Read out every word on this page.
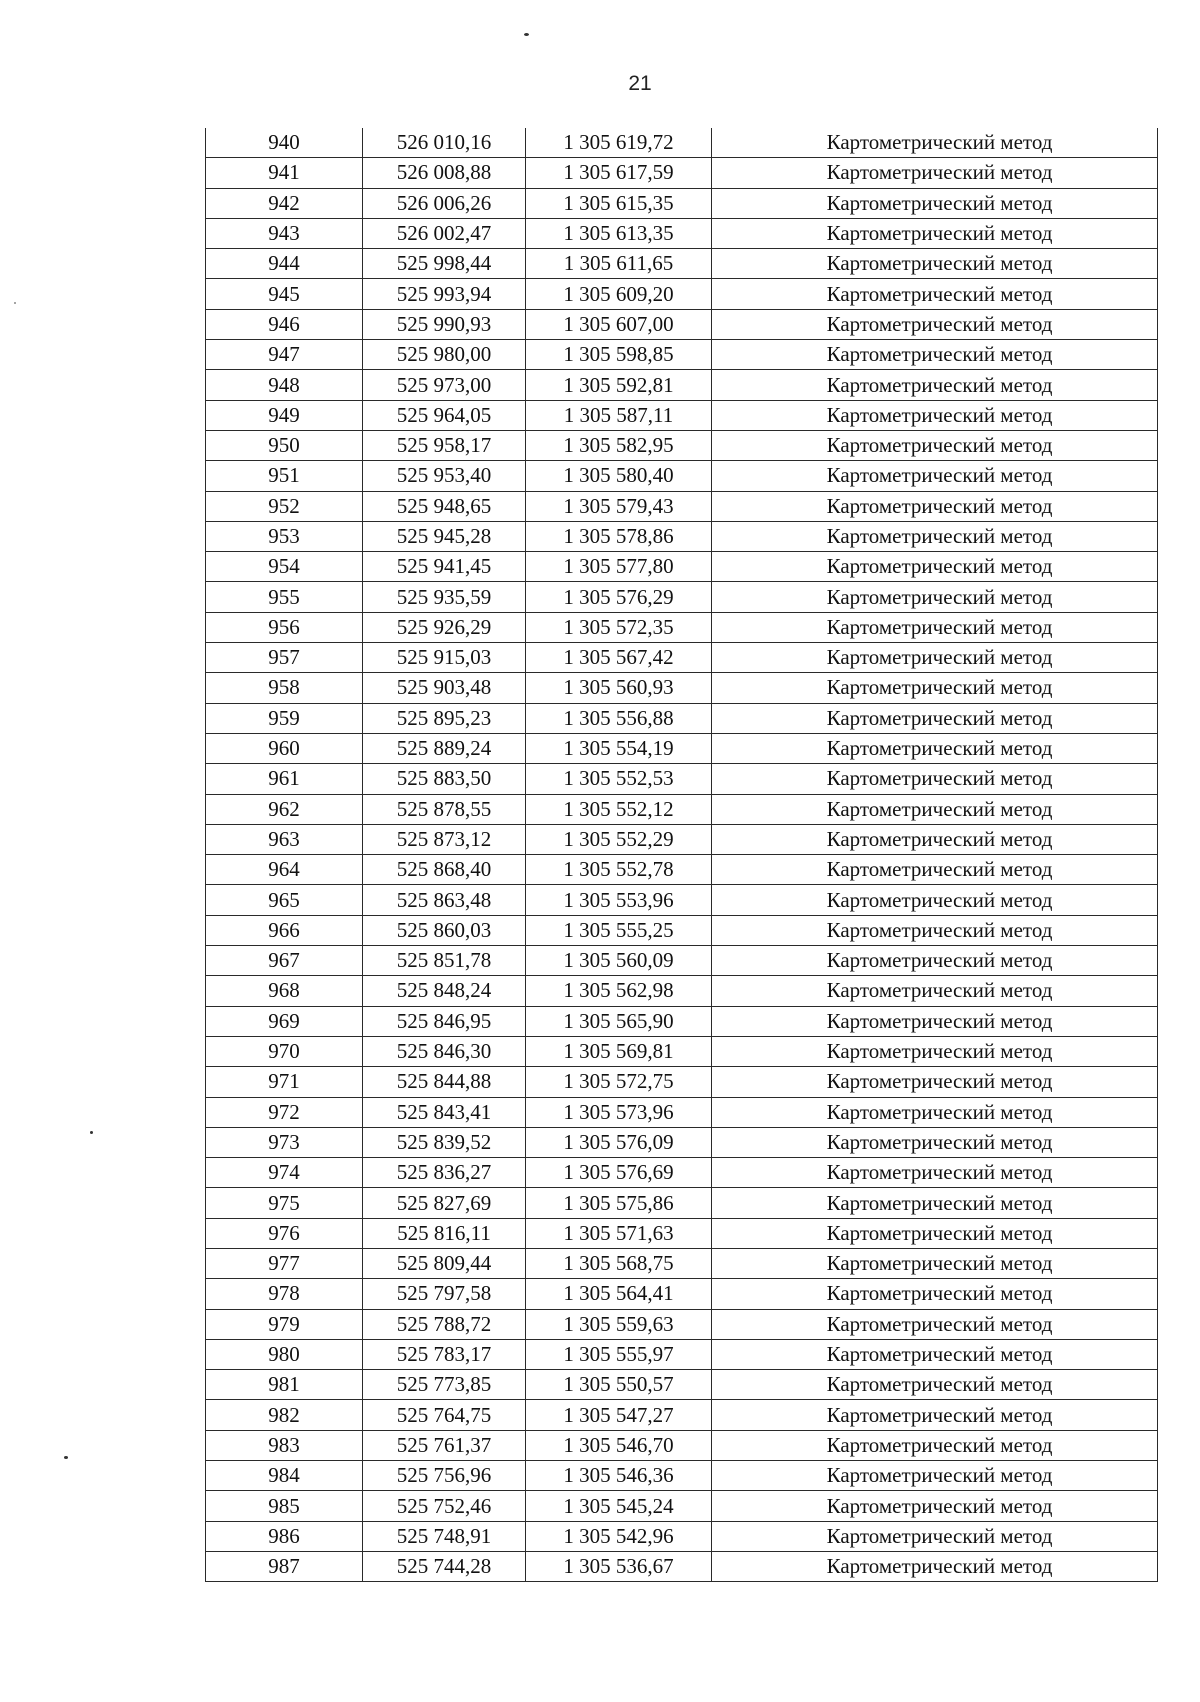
21
940	526 010,16	1 305 619,72	Картометрический метод
941	526 008,88	1 305 617,59	Картометрический метод
942	526 006,26	1 305 615,35	Картометрический метод
943	526 002,47	1 305 613,35	Картометрический метод
944	525 998,44	1 305 611,65	Картометрический метод
945	525 993,94	1 305 609,20	Картометрический метод
946	525 990,93	1 305 607,00	Картометрический метод
947	525 980,00	1 305 598,85	Картометрический метод
948	525 973,00	1 305 592,81	Картометрический метод
949	525 964,05	1 305 587,11	Картометрический метод
950	525 958,17	1 305 582,95	Картометрический метод
951	525 953,40	1 305 580,40	Картометрический метод
952	525 948,65	1 305 579,43	Картометрический метод
953	525 945,28	1 305 578,86	Картометрический метод
954	525 941,45	1 305 577,80	Картометрический метод
955	525 935,59	1 305 576,29	Картометрический метод
956	525 926,29	1 305 572,35	Картометрический метод
957	525 915,03	1 305 567,42	Картометрический метод
958	525 903,48	1 305 560,93	Картометрический метод
959	525 895,23	1 305 556,88	Картометрический метод
960	525 889,24	1 305 554,19	Картометрический метод
961	525 883,50	1 305 552,53	Картометрический метод
962	525 878,55	1 305 552,12	Картометрический метод
963	525 873,12	1 305 552,29	Картометрический метод
964	525 868,40	1 305 552,78	Картометрический метод
965	525 863,48	1 305 553,96	Картометрический метод
966	525 860,03	1 305 555,25	Картометрический метод
967	525 851,78	1 305 560,09	Картометрический метод
968	525 848,24	1 305 562,98	Картометрический метод
969	525 846,95	1 305 565,90	Картометрический метод
970	525 846,30	1 305 569,81	Картометрический метод
971	525 844,88	1 305 572,75	Картометрический метод
972	525 843,41	1 305 573,96	Картометрический метод
973	525 839,52	1 305 576,09	Картометрический метод
974	525 836,27	1 305 576,69	Картометрический метод
975	525 827,69	1 305 575,86	Картометрический метод
976	525 816,11	1 305 571,63	Картометрический метод
977	525 809,44	1 305 568,75	Картометрический метод
978	525 797,58	1 305 564,41	Картометрический метод
979	525 788,72	1 305 559,63	Картометрический метод
980	525 783,17	1 305 555,97	Картометрический метод
981	525 773,85	1 305 550,57	Картометрический метод
982	525 764,75	1 305 547,27	Картометрический метод
983	525 761,37	1 305 546,70	Картометрический метод
984	525 756,96	1 305 546,36	Картометрический метод
985	525 752,46	1 305 545,24	Картометрический метод
986	525 748,91	1 305 542,96	Картометрический метод
987	525 744,28	1 305 536,67	Картометрический метод
